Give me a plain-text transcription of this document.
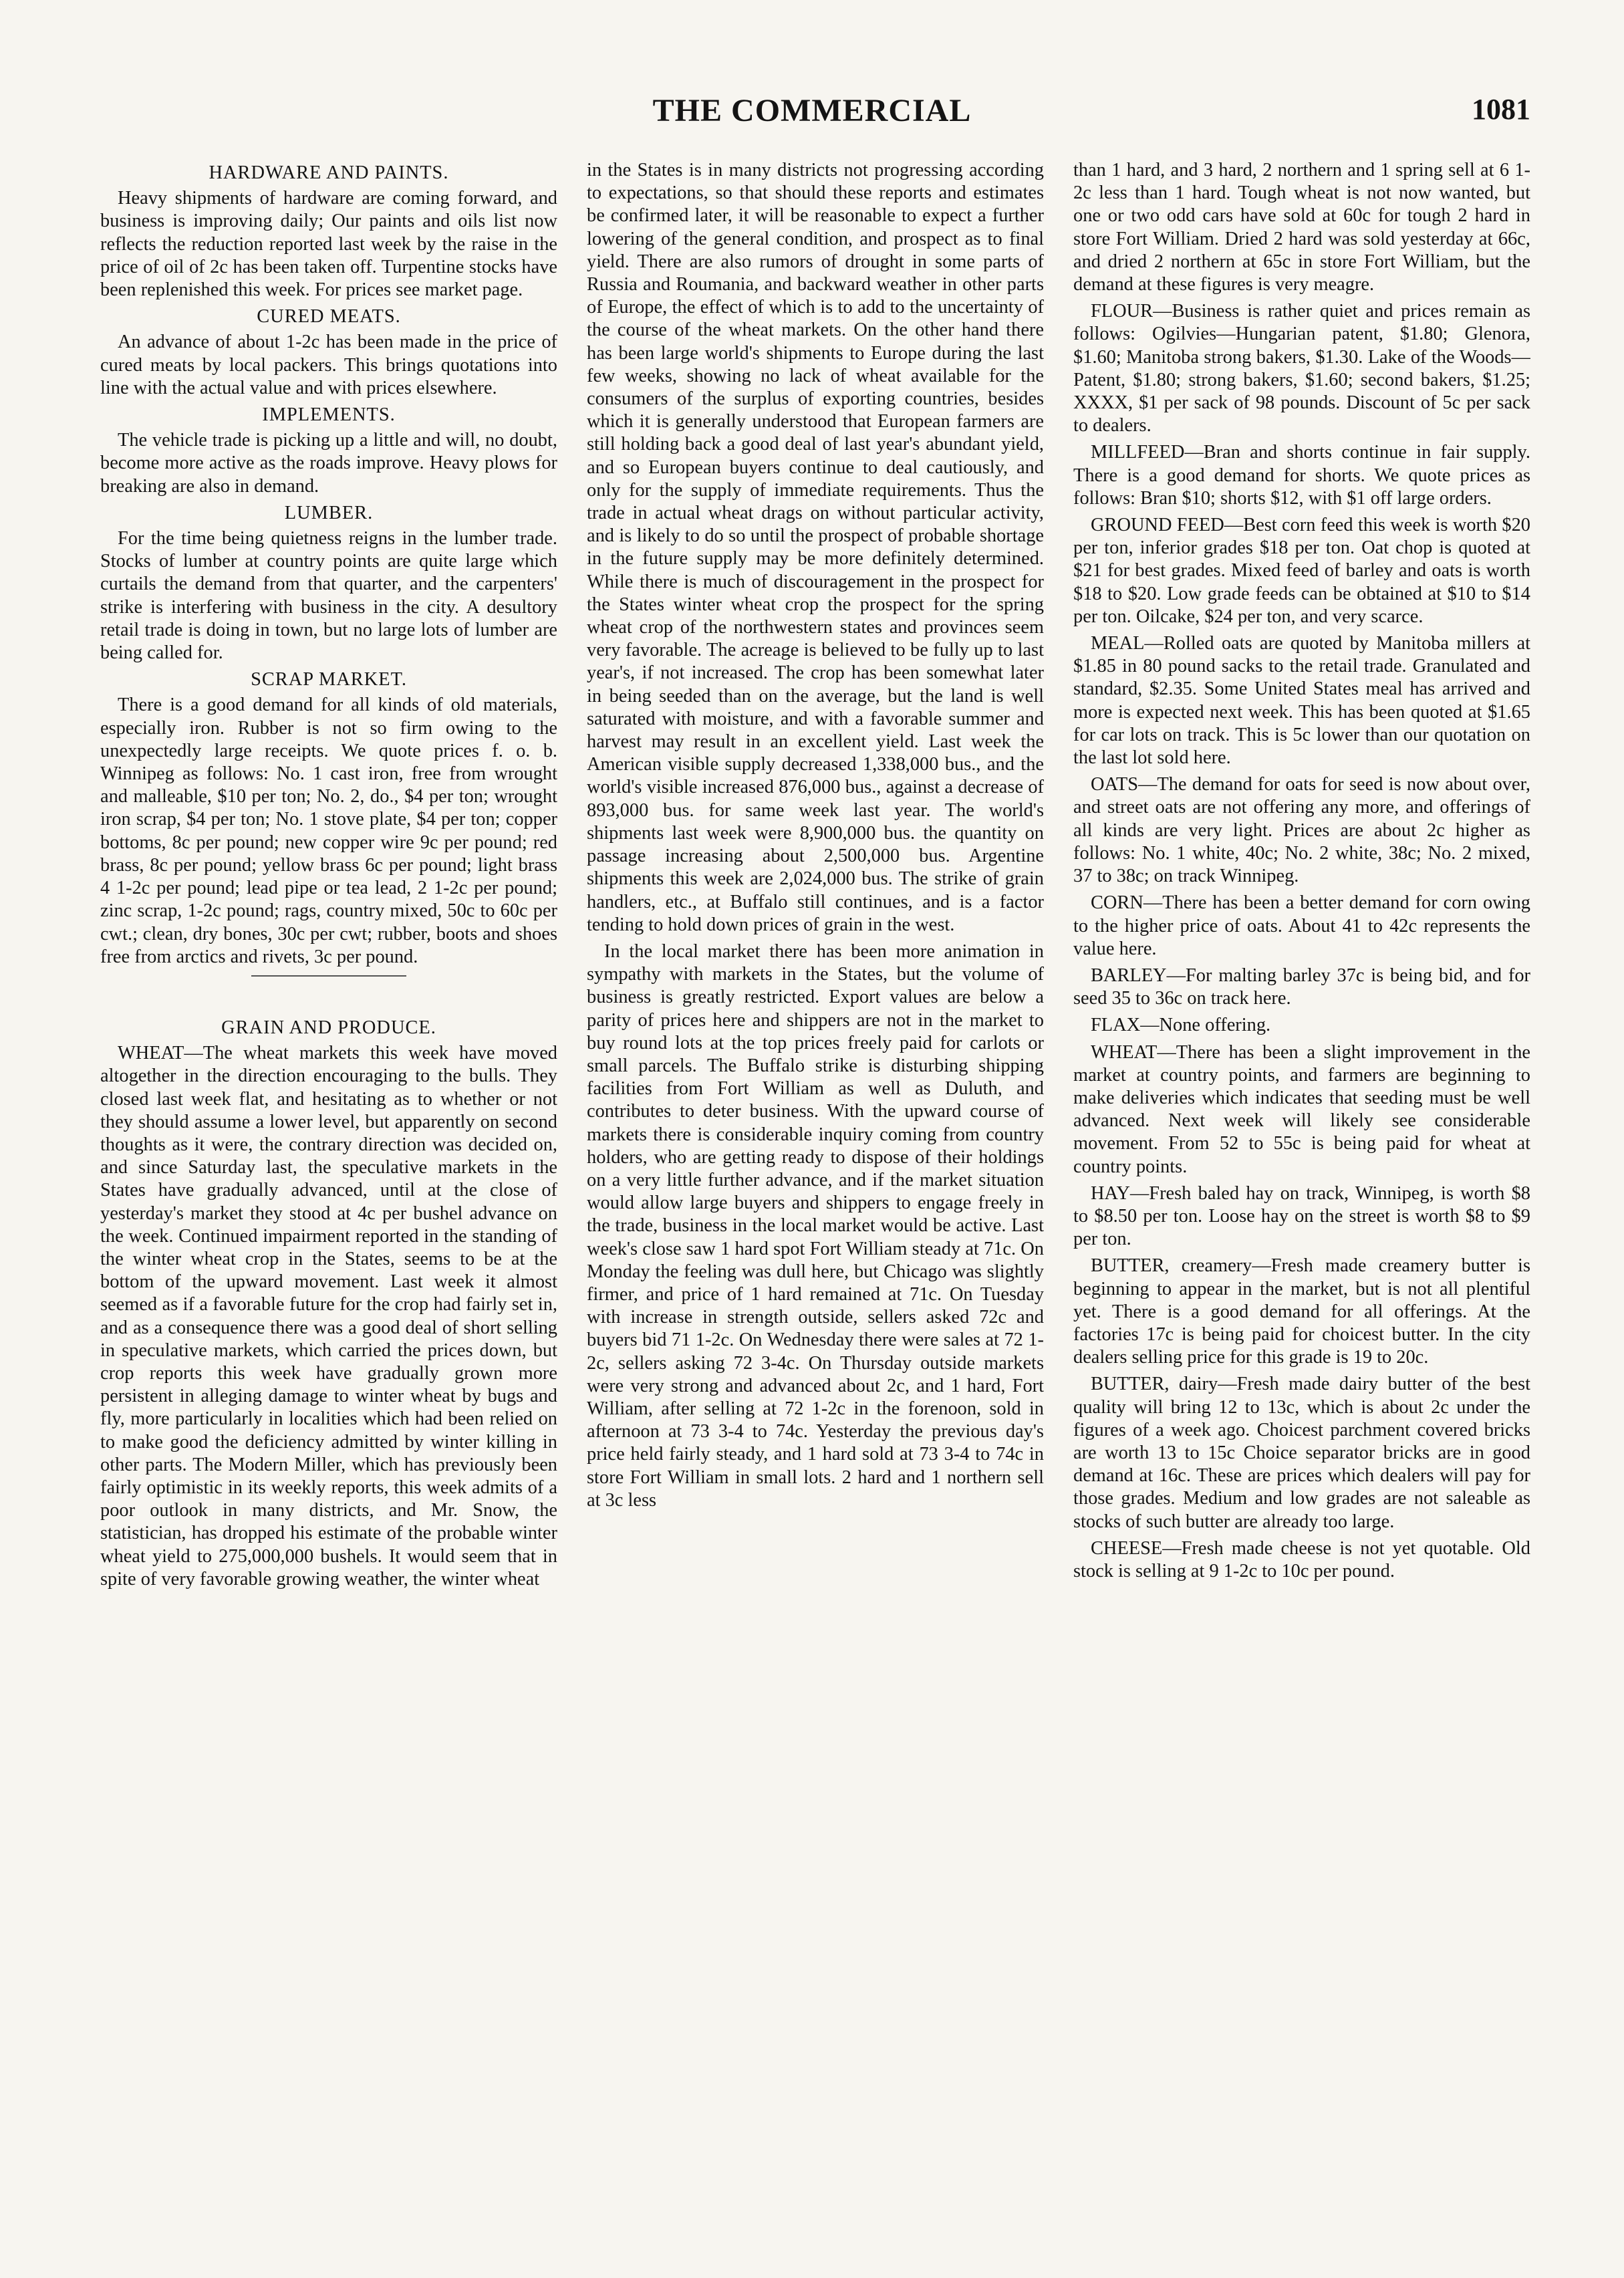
THE COMMERCIAL	1081
HARDWARE AND PAINTS.

Heavy shipments of hardware are coming forward, and business is improving daily; Our paints and oils list now reflects the reduction reported last week by the raise in the price of oil of 2c has been taken off. Turpentine stocks have been replenished this week. For prices see market page.

CURED MEATS.

An advance of about 1-2c has been made in the price of cured meats by local packers. This brings quotations into line with the actual value and with prices elsewhere.

IMPLEMENTS.

The vehicle trade is picking up a little and will, no doubt, become more active as the roads improve. Heavy plows for breaking are also in demand.

LUMBER.

For the time being quietness reigns in the lumber trade. Stocks of lumber at country points are quite large which curtails the demand from that quarter, and the carpenters' strike is interfering with business in the city. A desultory retail trade is doing in town, but no large lots of lumber are being called for.

SCRAP MARKET.

There is a good demand for all kinds of old materials, especially iron. Rubber is not so firm owing to the unexpectedly large receipts. We quote prices f. o. b. Winnipeg as follows: No. 1 cast iron, free from wrought and malleable, $10 per ton; No. 2, do., $4 per ton; wrought iron scrap, $4 per ton; No. 1 stove plate, $4 per ton; copper bottoms, 8c per pound; new copper wire 9c per pound; red brass, 8c per pound; yellow brass 6c per pound; light brass 4 1-2c per pound; lead pipe or tea lead, 2 1-2c per pound; zinc scrap, 1-2c pound; rags, country mixed, 50c to 60c per cwt.; clean, dry bones, 30c per cwt; rubber, boots and shoes free from arctics and rivets, 3c per pound.

GRAIN AND PRODUCE.

WHEAT—The wheat markets this week have moved altogether in the direction encouraging to the bulls. They closed last week flat, and hesitating as to whether or not they should assume a lower level, but apparently on second thoughts as it were, the contrary direction was decided on, and since Saturday last, the speculative markets in the States have gradually advanced, until at the close of yesterday's market they stood at 4c per bushel advance on the week. Continued impairment reported in the standing of the winter wheat crop in the States, seems to be at the bottom of the upward movement. Last week it almost seemed as if a favorable future for the crop had fairly set in, and as a consequence there was a good deal of short selling in speculative markets, which carried the prices down, but crop reports this week have gradually grown more persistent in alleging damage to winter wheat by bugs and fly, more particularly in localities which had been relied on to make good the deficiency admitted by winter killing in other parts. The Modern Miller, which has previously been fairly optimistic in its weekly reports, this week admits of a poor outlook in many districts, and Mr. Snow, the statistician, has dropped his estimate of the probable winter wheat yield to 275,000,000 bushels. It would seem that in spite of very favorable growing weather, the winter wheat

in the States is in many districts not progressing according to expectations, so that should these reports and estimates be confirmed later, it will be reasonable to expect a further lowering of the general condition, and prospect as to final yield. There are also rumors of drought in some parts of Russia and Roumania, and backward weather in other parts of Europe, the effect of which is to add to the uncertainty of the course of the wheat markets. On the other hand there has been large world's shipments to Europe during the last few weeks, showing no lack of wheat available for the consumers of the surplus of exporting countries, besides which it is generally understood that European farmers are still holding back a good deal of last year's abundant yield, and so European buyers continue to deal cautiously, and only for the supply of immediate requirements. Thus the trade in actual wheat drags on without particular activity, and is likely to do so until the prospect of probable shortage in the future supply may be more definitely determined. While there is much of discouragement in the prospect for the States winter wheat crop the prospect for the spring wheat crop of the northwestern states and provinces seem very favorable. The acreage is believed to be fully up to last year's, if not increased. The crop has been somewhat later in being seeded than on the average, but the land is well saturated with moisture, and with a favorable summer and harvest may result in an excellent yield. Last week the American visible supply decreased 1,338,000 bus., and the world's visible increased 876,000 bus., against a decrease of 893,000 bus. for same week last year. The world's shipments last week were 8,900,000 bus. the quantity on passage increasing about 2,500,000 bus. Argentine shipments this week are 2,024,000 bus. The strike of grain handlers, etc., at Buffalo still continues, and is a factor tending to hold down prices of grain in the west.

In the local market there has been more animation in sympathy with markets in the States, but the volume of business is greatly restricted. Export values are below a parity of prices here and shippers are not in the market to buy round lots at the top prices freely paid for carlots or small parcels. The Buffalo strike is disturbing shipping facilities from Fort William as well as Duluth, and contributes to deter business. With the upward course of markets there is considerable inquiry coming from country holders, who are getting ready to dispose of their holdings on a very little further advance, and if the market situation would allow large buyers and shippers to engage freely in the trade, business in the local market would be active. Last week's close saw 1 hard spot Fort William steady at 71c. On Monday the feeling was dull here, but Chicago was slightly firmer, and price of 1 hard remained at 71c. On Tuesday with increase in strength outside, sellers asked 72c and buyers bid 71 1-2c. On Wednesday there were sales at 72 1-2c, sellers asking 72 3-4c. On Thursday outside markets were very strong and advanced about 2c, and 1 hard, Fort William, after selling at 72 1-2c in the forenoon, sold in afternoon at 73 3-4 to 74c. Yesterday the previous day's price held fairly steady, and 1 hard sold at 73 3-4 to 74c in store Fort William in small lots. 2 hard and 1 northern sell at 3c less

than 1 hard, and 3 hard, 2 northern and 1 spring sell at 6 1-2c less than 1 hard. Tough wheat is not now wanted, but one or two odd cars have sold at 60c for tough 2 hard in store Fort William. Dried 2 hard was sold yesterday at 66c, and dried 2 northern at 65c in store Fort William, but the demand at these figures is very meagre.

FLOUR—Business is rather quiet and prices remain as follows: Ogilvies—Hungarian patent, $1.80; Glenora, $1.60; Manitoba strong bakers, $1.30. Lake of the Woods—Patent, $1.80; strong bakers, $1.60; second bakers, $1.25; XXXX, $1 per sack of 98 pounds. Discount of 5c per sack to dealers.

MILLFEED—Bran and shorts continue in fair supply. There is a good demand for shorts. We quote prices as follows: Bran $10; shorts $12, with $1 off large orders.

GROUND FEED—Best corn feed this week is worth $20 per ton, inferior grades $18 per ton. Oat chop is quoted at $21 for best grades. Mixed feed of barley and oats is worth $18 to $20. Low grade feeds can be obtained at $10 to $14 per ton. Oilcake, $24 per ton, and very scarce.

MEAL—Rolled oats are quoted by Manitoba millers at $1.85 in 80 pound sacks to the retail trade. Granulated and standard, $2.35. Some United States meal has arrived and more is expected next week. This has been quoted at $1.65 for car lots on track. This is 5c lower than our quotation on the last lot sold here.

OATS—The demand for oats for seed is now about over, and street oats are not offering any more, and offerings of all kinds are very light. Prices are about 2c higher as follows: No. 1 white, 40c; No. 2 white, 38c; No. 2 mixed, 37 to 38c; on track Winnipeg.

CORN—There has been a better demand for corn owing to the higher price of oats. About 41 to 42c represents the value here.

BARLEY—For malting barley 37c is being bid, and for seed 35 to 36c on track here.

FLAX—None offering.

WHEAT—There has been a slight improvement in the market at country points, and farmers are beginning to make deliveries which indicates that seeding must be well advanced. Next week will likely see considerable movement. From 52 to 55c is being paid for wheat at country points.

HAY—Fresh baled hay on track, Winnipeg, is worth $8 to $8.50 per ton. Loose hay on the street is worth $8 to $9 per ton.

BUTTER, creamery—Fresh made creamery butter is beginning to appear in the market, but is not all plentiful yet. There is a good demand for all offerings. At the factories 17c is being paid for choicest butter. In the city dealers selling price for this grade is 19 to 20c.

BUTTER, dairy—Fresh made dairy butter of the best quality will bring 12 to 13c, which is about 2c under the figures of a week ago. Choicest parchment covered bricks are worth 13 to 15c Choice separator bricks are in good demand at 16c. These are prices which dealers will pay for those grades. Medium and low grades are not saleable as stocks of such butter are already too large.

CHEESE—Fresh made cheese is not yet quotable. Old stock is selling at 9 1-2c to 10c per pound.
